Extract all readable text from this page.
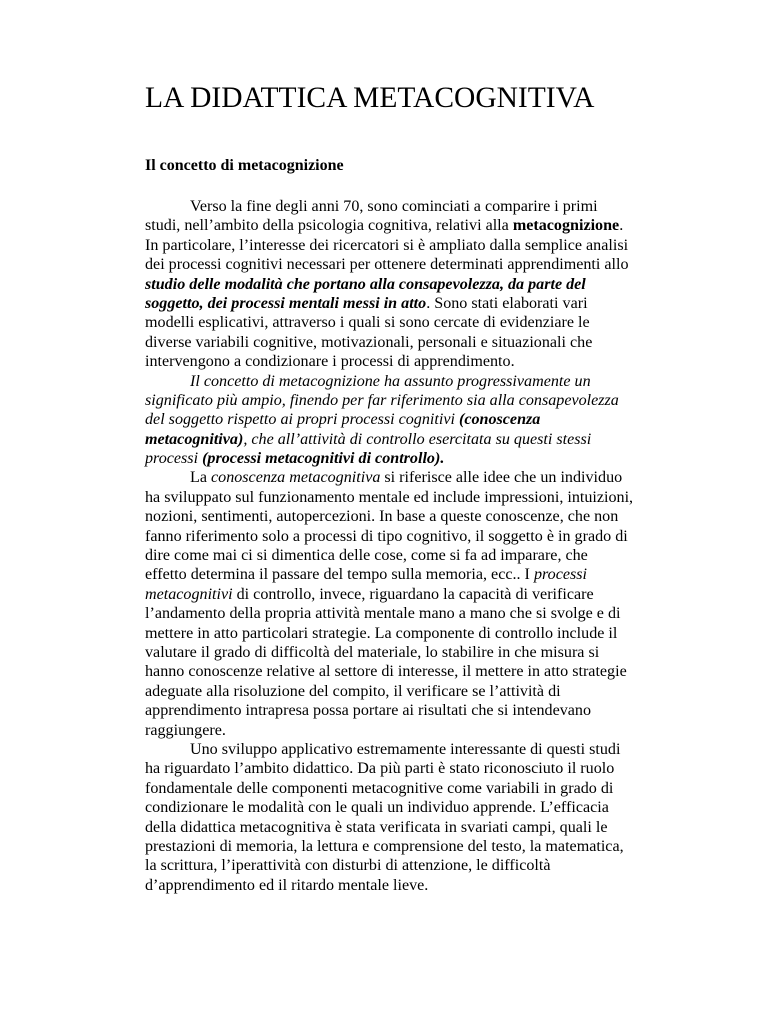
LA DIDATTICA METACOGNITIVA
Il concetto di metacognizione
Verso la fine degli anni 70, sono cominciati a comparire i primi
studi, nell’ambito della psicologia cognitiva, relativi alla metacognizione.
In particolare, l’interesse dei ricercatori si è ampliato dalla semplice analisi
dei processi cognitivi necessari per ottenere determinati apprendimenti allo
studio delle modalità che portano alla consapevolezza, da parte del
soggetto, dei processi mentali messi in atto. Sono stati elaborati vari
modelli esplicativi, attraverso i quali si sono cercate di evidenziare le
diverse variabili cognitive, motivazionali, personali e situazionali che
intervengono a condizionare i processi di apprendimento.
Il concetto di metacognizione ha assunto progressivamente un
significato più ampio, finendo per far riferimento sia alla consapevolezza
del soggetto rispetto ai propri processi cognitivi (conoscenza
metacognitiva), che all’attività di controllo esercitata su questi stessi
processi (processi metacognitivi di controllo).
La conoscenza metacognitiva si riferisce alle idee che un individuo
ha sviluppato sul funzionamento mentale ed include impressioni, intuizioni,
nozioni, sentimenti, autopercezioni. In base a queste conoscenze, che non
fanno riferimento solo a processi di tipo cognitivo, il soggetto è in grado di
dire come mai ci si dimentica delle cose, come si fa ad imparare, che
effetto determina il passare del tempo sulla memoria, ecc.. I processi
metacognitivi di controllo, invece, riguardano la capacità di verificare
l’andamento della propria attività mentale mano a mano che si svolge e di
mettere in atto particolari strategie. La componente di controllo include il
valutare il grado di difficoltà del materiale, lo stabilire in che misura si
hanno conoscenze relative al settore di interesse, il mettere in atto strategie
adeguate alla risoluzione del compito, il verificare se l’attività di
apprendimento intrapresa possa portare ai risultati che si intendevano
raggiungere.
Uno sviluppo applicativo estremamente interessante di questi studi
ha riguardato l’ambito didattico. Da più parti è stato riconosciuto il ruolo
fondamentale delle componenti metacognitive come variabili in grado di
condizionare le modalità con le quali un individuo apprende. L’efficacia
della didattica metacognitiva è stata verificata in svariati campi, quali le
prestazioni di memoria, la lettura e comprensione del testo, la matematica,
la scrittura, l’iperattività con disturbi di attenzione, le difficoltà
d’apprendimento ed il ritardo mentale lieve.
